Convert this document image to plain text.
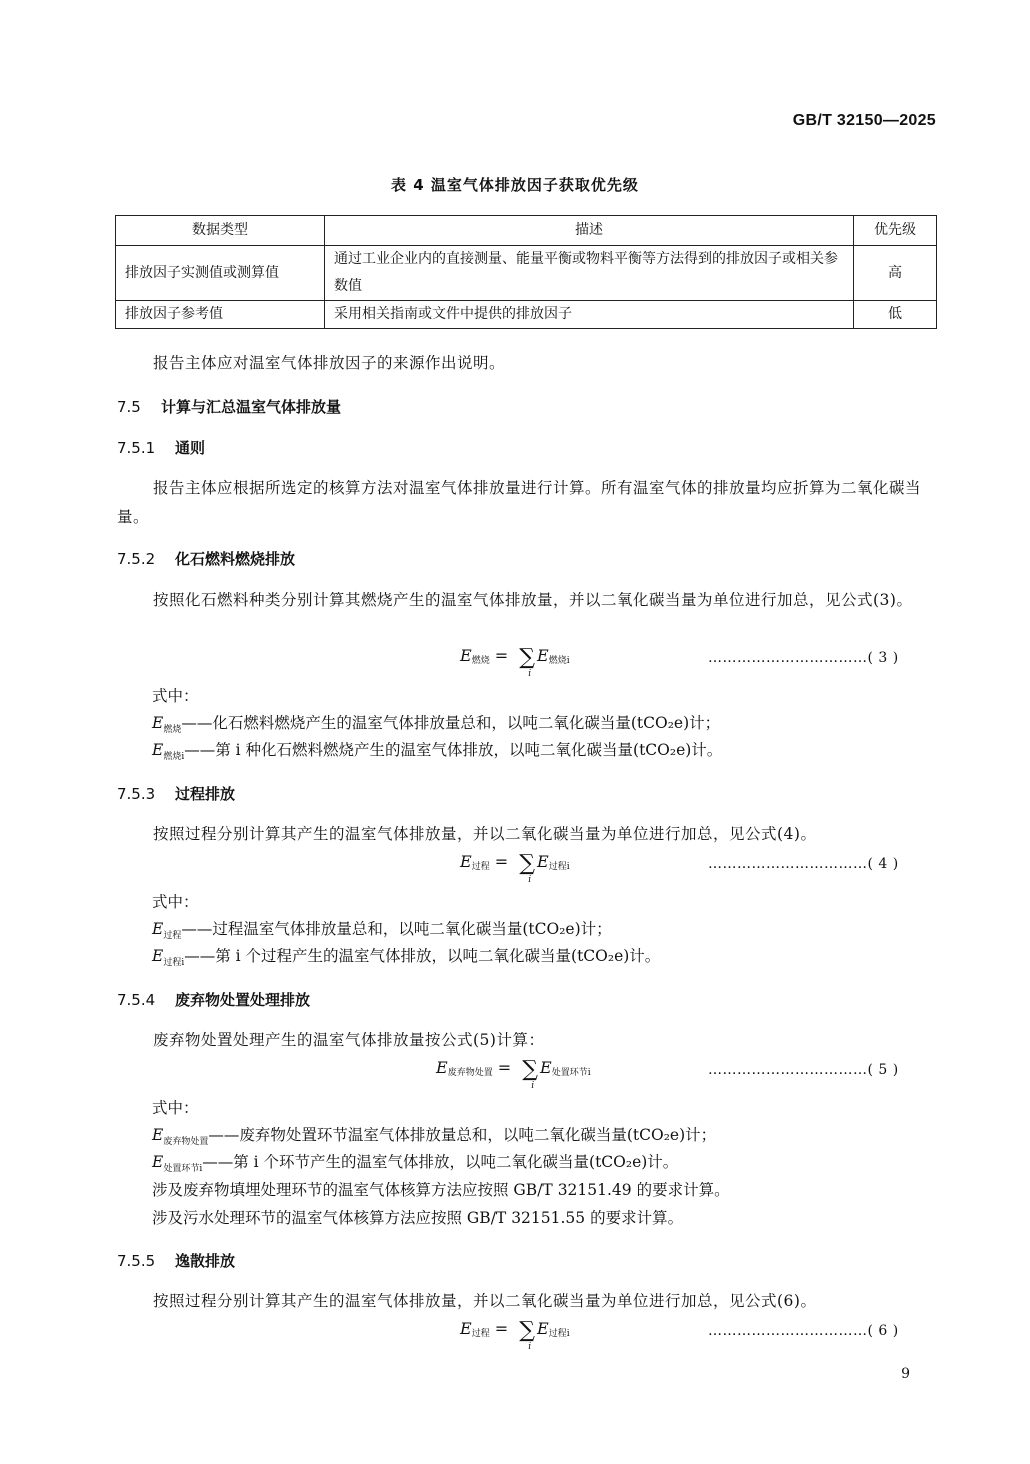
GB/T 32150—2025
表 4 温室气体排放因子获取优先级
数据类型	描述	优先级
排放因子实测值或测算值	通过工业企业内的直接测量、能量平衡或物料平衡等方法得到的排放因子或相关参数值	高
排放因子参考值	采用相关指南或文件中提供的排放因子	低
报告主体应对温室气体排放因子的来源作出说明。
7.5 计算与汇总温室气体排放量
7.5.1 通则
报告主体应根据所选定的核算方法对温室气体排放量进行计算。所有温室气体的排放量均应折算为二氧化碳当量。
7.5.2 化石燃料燃烧排放
按照化石燃料种类分别计算其燃烧产生的温室气体排放量，并以二氧化碳当量为单位进行加总，见公式(3)。
$E_{燃烧}$ = ∑
i
$E_{燃烧i}$	……………………………( 3 )
式中：
$E_{燃烧}——$化石燃料燃烧产生的温室气体排放量总和，以吨二氧化碳当量(tCO₂e)计；
$E_{燃烧i}——$第 i 种化石燃料燃烧产生的温室气体排放，以吨二氧化碳当量(tCO₂e)计。
7.5.3 过程排放
按照过程分别计算其产生的温室气体排放量，并以二氧化碳当量为单位进行加总，见公式(4)。
$E_{过程}$ = ∑
i
$E_{过程i}$	……………………………( 4 )
式中：
$E_{过程}——$过程温室气体排放量总和，以吨二氧化碳当量(tCO₂e)计；
$E_{过程i}——$第 i 个过程产生的温室气体排放，以吨二氧化碳当量(tCO₂e)计。
7.5.4 废弃物处置处理排放
废弃物处置处理产生的温室气体排放量按公式(5)计算：
$E_{废弃物处置}$ = ∑
i
$E_{处置环节i}$	……………………………( 5 )
式中：
$E_{废弃物处置}——$废弃物处置环节温室气体排放量总和，以吨二氧化碳当量(tCO₂e)计；
$E_{处置环节i}——$第 i 个环节产生的温室气体排放，以吨二氧化碳当量(tCO₂e)计。
涉及废弃物填埋处理环节的温室气体核算方法应按照 GB/T 32151.49 的要求计算。
涉及污水处理环节的温室气体核算方法应按照 GB/T 32151.55 的要求计算。
7.5.5 逸散排放
按照过程分别计算其产生的温室气体排放量，并以二氧化碳当量为单位进行加总，见公式(6)。
$E_{过程}$ = ∑
i
$E_{过程i}$	……………………………( 6 )
9
